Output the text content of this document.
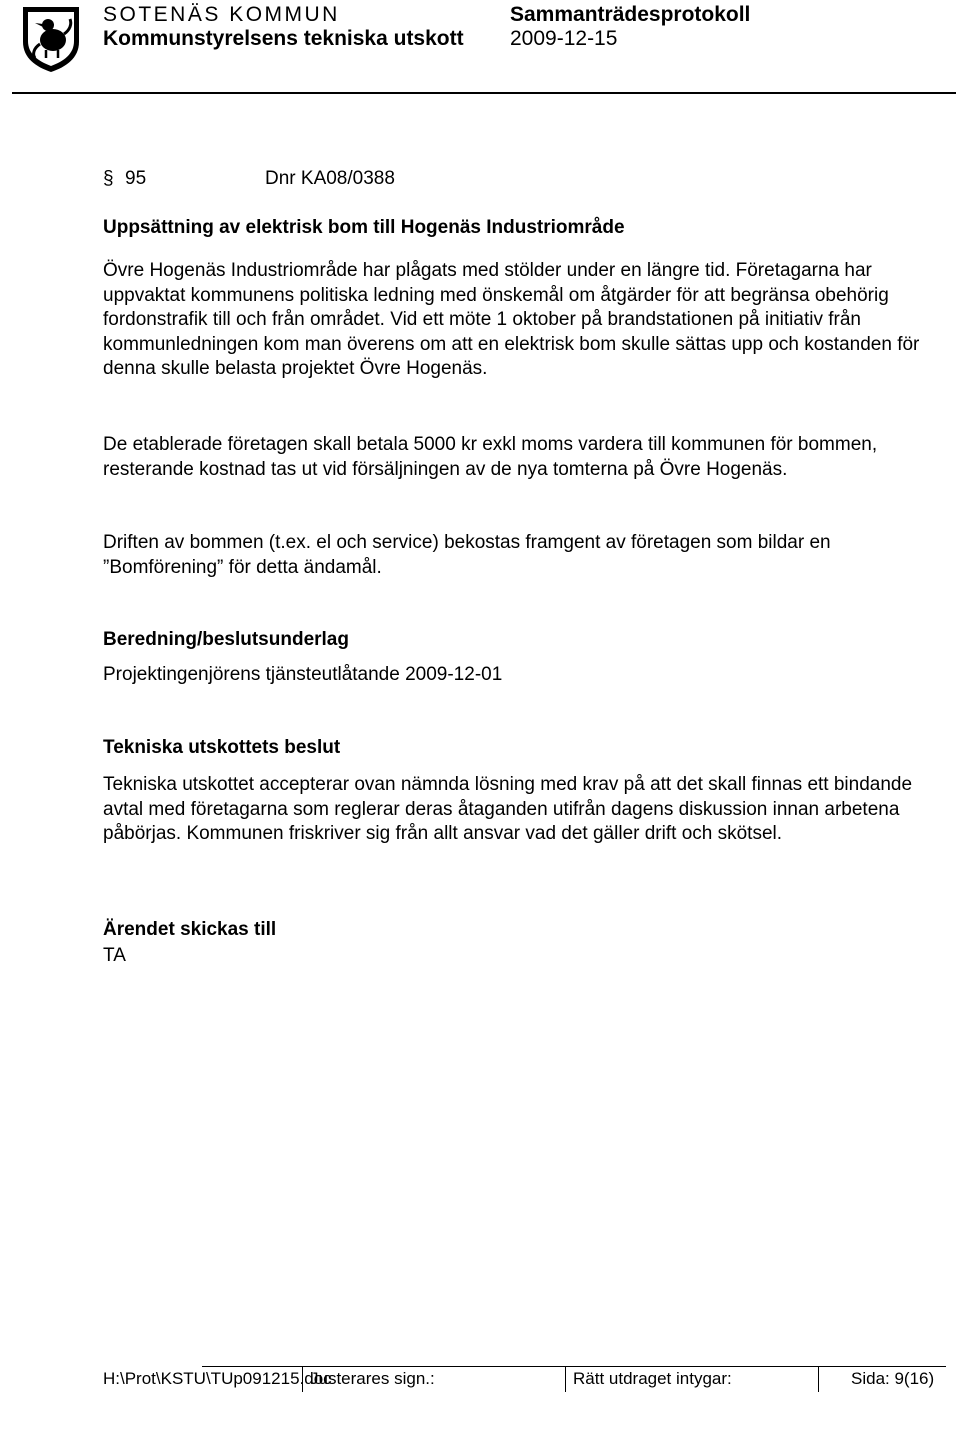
SOTENÄS KOMMUN
Kommunstyrelsens tekniska utskott
Sammanträdesprotokoll
2009-12-15
§ 95	Dnr KA08/0388
Uppsättning av elektrisk bom till Hogenäs Industriområde

Övre Hogenäs Industriområde har plågats med stölder under en längre tid. Företagarna har uppvaktat kommunens politiska ledning med önskemål om åtgärder för att begränsa obehörig fordonstrafik till och från området. Vid ett möte 1 oktober på brandstationen på initiativ från kommunledningen kom man överens om att en elektrisk bom skulle sättas upp och kostanden för denna skulle belasta projektet Övre Hogenäs.

De etablerade företagen skall betala 5000 kr exkl moms vardera till kommunen för bommen, resterande kostnad tas ut vid försäljningen av de nya tomterna på Övre Hogenäs.

Driften av bommen (t.ex. el och service) bekostas framgent av företagen som bildar en ”Bomförening” för detta ändamål.

Beredning/beslutsunderlag

Projektingenjörens tjänsteutlåtande 2009-12-01

Tekniska utskottets beslut

Tekniska utskottet accepterar ovan nämnda lösning med krav på att det skall finnas ett bindande avtal med företagarna som reglerar deras åtaganden utifrån dagens diskussion innan arbetena påbörjas. Kommunen friskriver sig från allt ansvar vad det gäller drift och skötsel.

Ärendet skickas till

TA

H:\Prot\KSTU\TUp091215.doc
Justerares sign.:	Rätt utdraget intygar:	Sida: 9(16)
